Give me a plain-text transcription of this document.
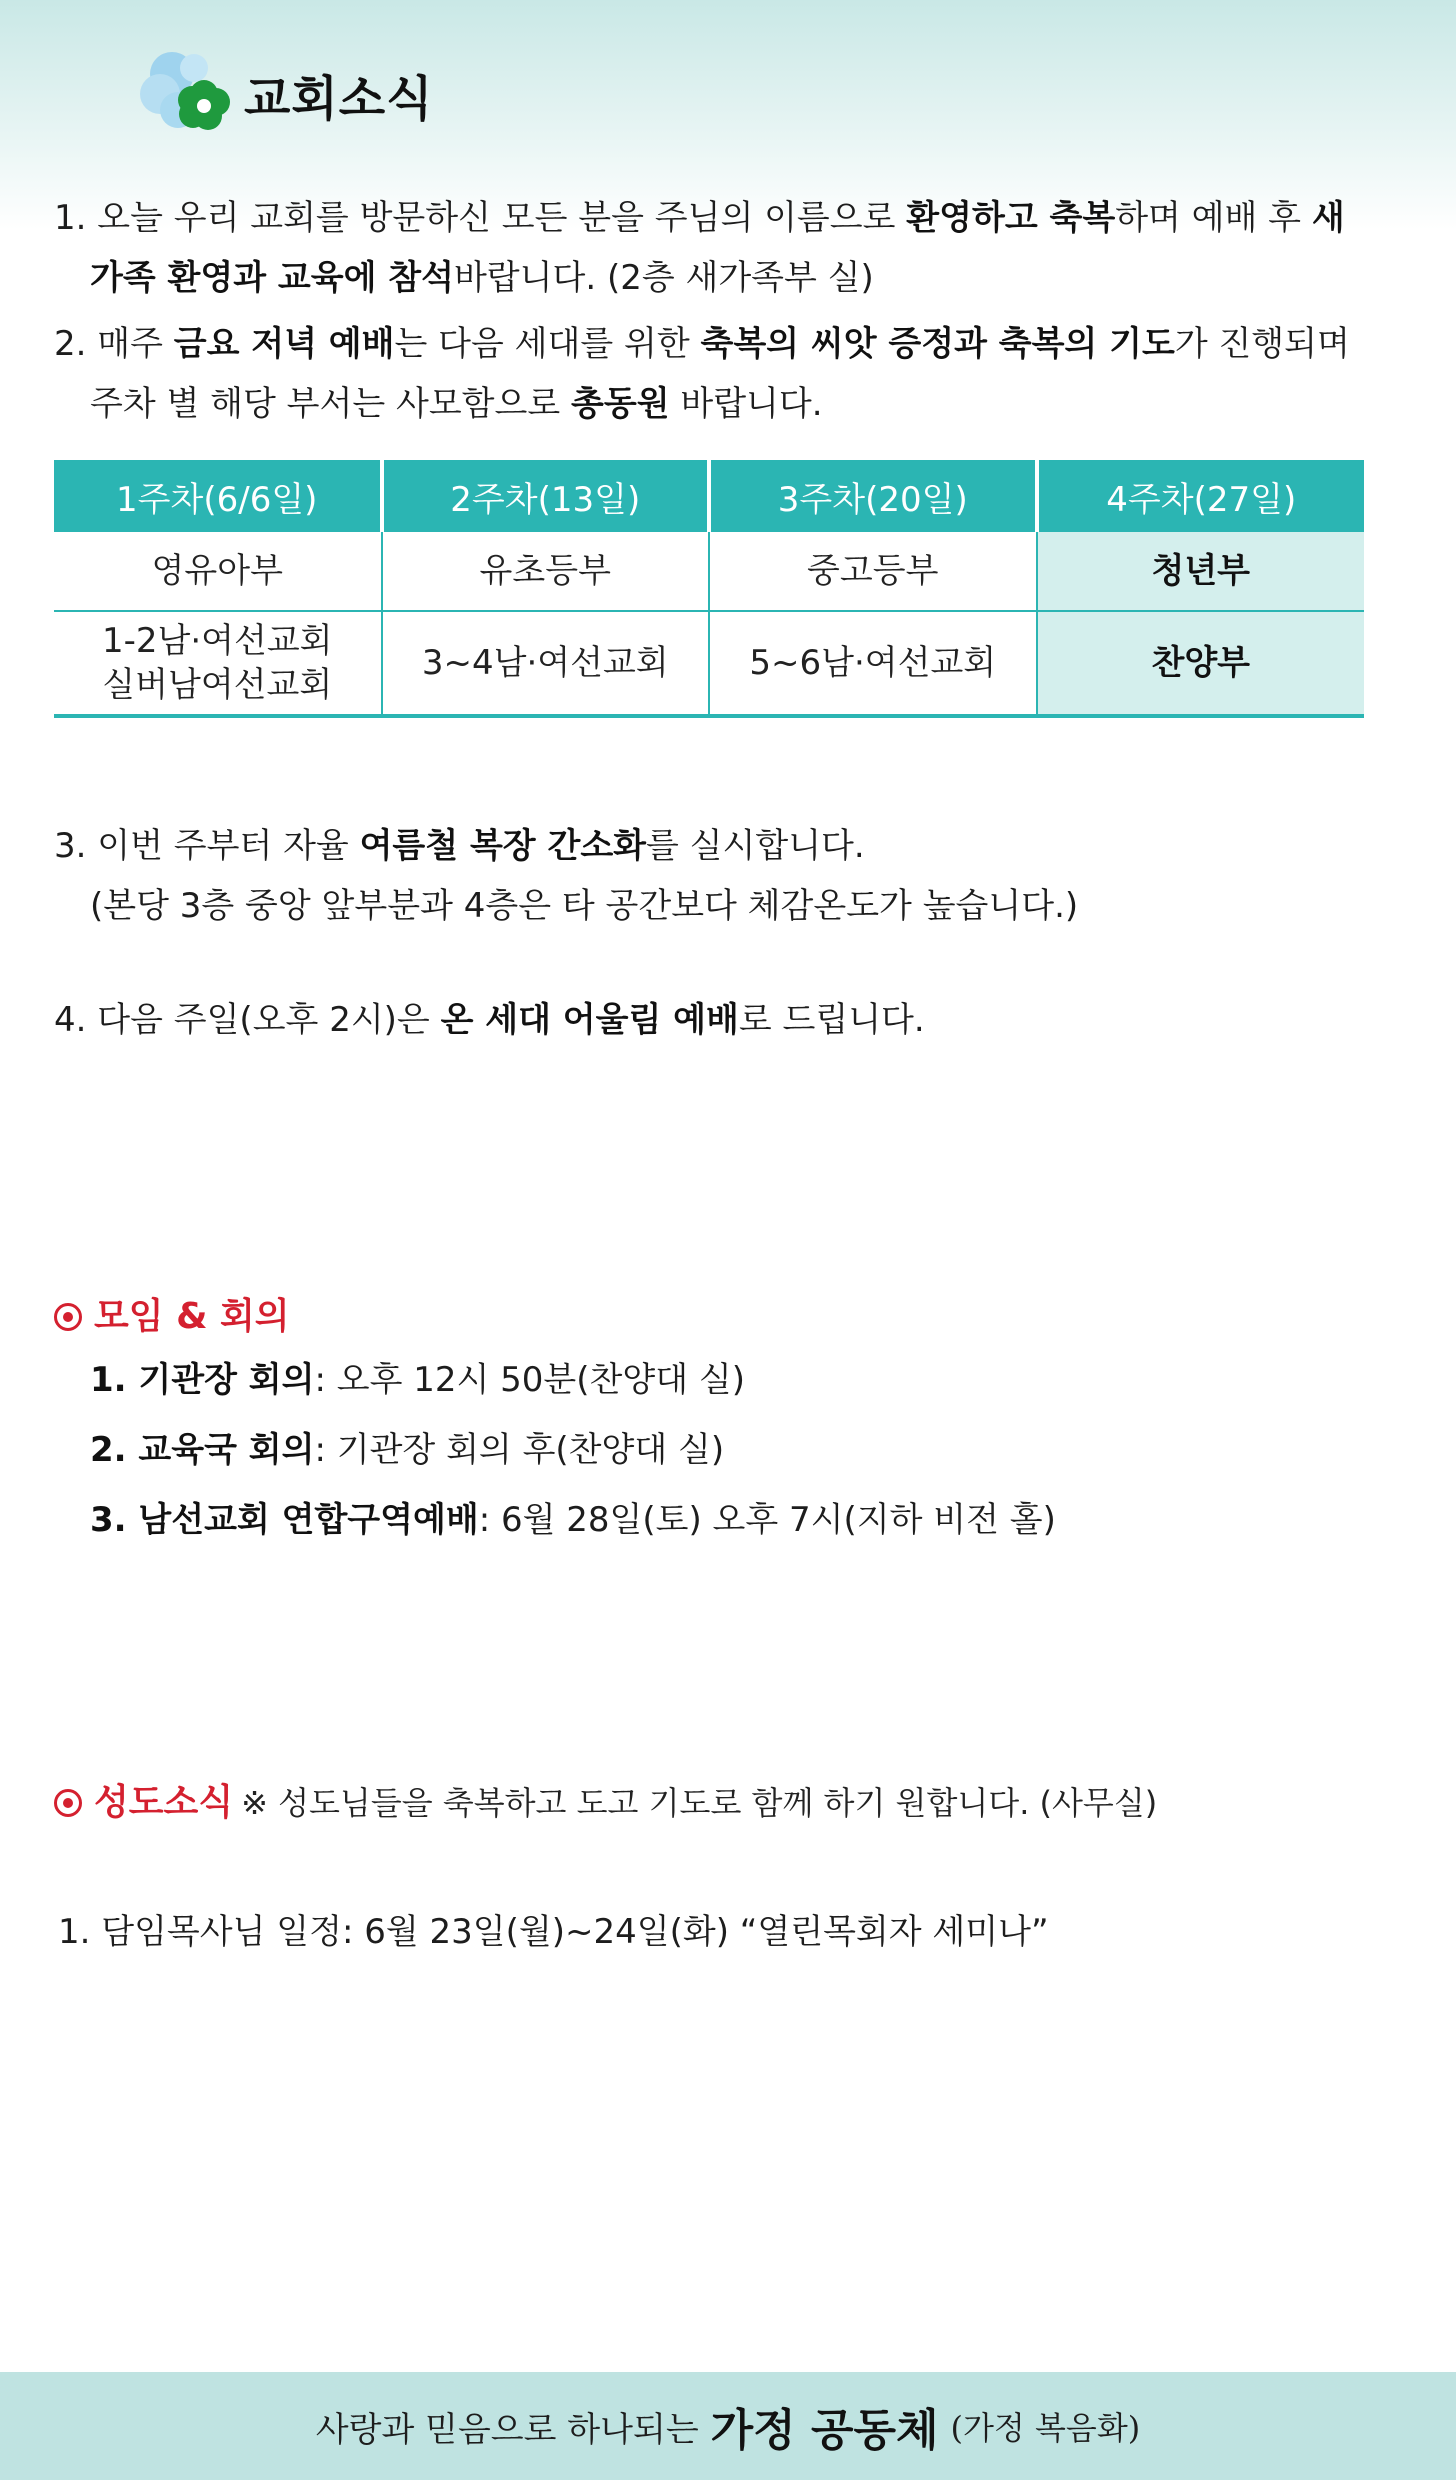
교회소식
1. 오늘 우리 교회를 방문하신 모든 분을 주님의 이름으로 환영하고 축복하며 예배 후 새
가족 환영과 교육에 참석바랍니다. (2층 새가족부 실)
2. 매주 금요 저녁 예배는 다음 세대를 위한 축복의 씨앗 증정과 축복의 기도가 진행되며
주차 별 해당 부서는 사모함으로 총동원 바랍니다.
1주차(6/6일)	2주차(13일)	3주차(20일)	4주차(27일)
영유아부	유초등부	중고등부	청년부
1-2남·여선교회
실버남여선교회	3~4남·여선교회	5~6남·여선교회	찬양부
3. 이번 주부터 자율 여름철 복장 간소화를 실시합니다.
(본당 3층 중앙 앞부분과 4층은 타 공간보다 체감온도가 높습니다.)
4. 다음 주일(오후 2시)은 온 세대 어울림 예배로 드립니다.
모임 & 회의
1. 기관장 회의: 오후 12시 50분(찬양대 실)
2. 교육국 회의: 기관장 회의 후(찬양대 실)
3. 남선교회 연합구역예배: 6월 28일(토) 오후 7시(지하 비전 홀)
성도소식 ※ 성도님들을 축복하고 도고 기도로 함께 하기 원합니다. (사무실)
1. 담임목사님 일정: 6월 23일(월)~24일(화) “열린목회자 세미나”
사랑과 믿음으로 하나되는 가정 공동체 (가정 복음화)
